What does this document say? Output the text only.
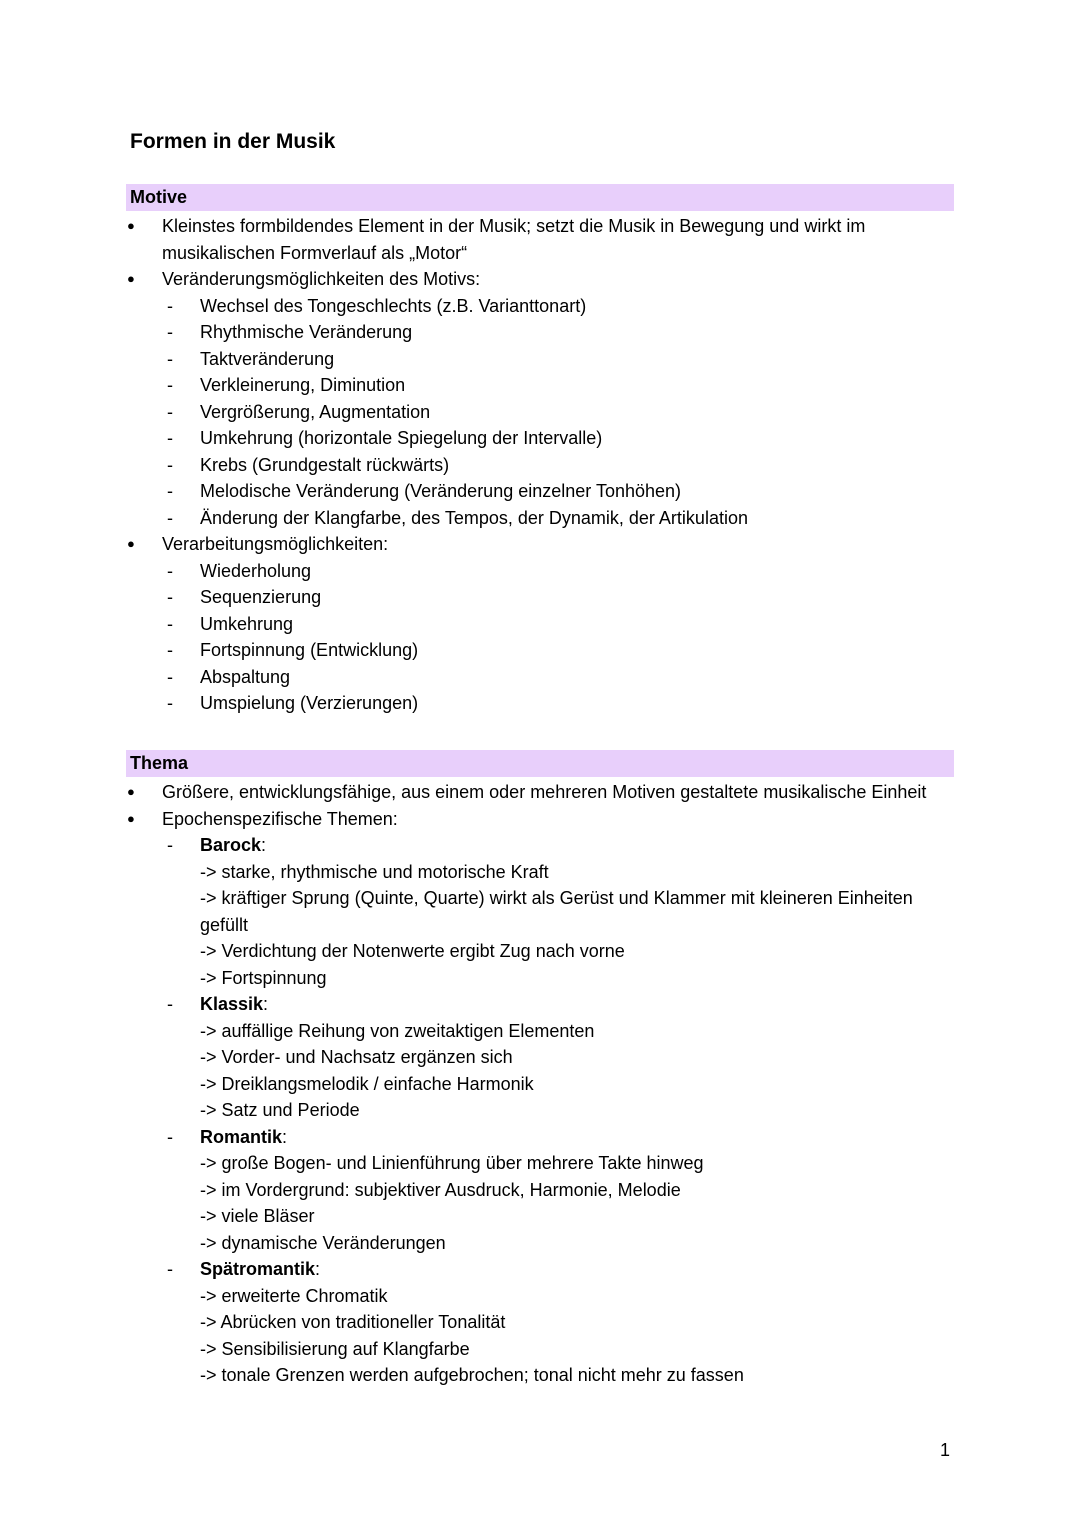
Formen in der Musik
Motive
● Kleinstes formbildendes Element in der Musik; setzt die Musik in Bewegung und wirkt im musikalischen Formverlauf als „Motor“
● Veränderungsmöglichkeiten des Motivs:
- Wechsel des Tongeschlechts (z.B. Varianttonart)
- Rhythmische Veränderung
- Taktveränderung
- Verkleinerung, Diminution
- Vergrößerung, Augmentation
- Umkehrung (horizontale Spiegelung der Intervalle)
- Krebs (Grundgestalt rückwärts)
- Melodische Veränderung (Veränderung einzelner Tonhöhen)
- Änderung der Klangfarbe, des Tempos, der Dynamik, der Artikulation
● Verarbeitungsmöglichkeiten:
- Wiederholung
- Sequenzierung
- Umkehrung
- Fortspinnung (Entwicklung)
- Abspaltung
- Umspielung (Verzierungen)
Thema
● Größere, entwicklungsfähige, aus einem oder mehreren Motiven gestaltete musikalische Einheit
● Epochenspezifische Themen:
- Barock:
-> starke, rhythmische und motorische Kraft
-> kräftiger Sprung (Quinte, Quarte) wirkt als Gerüst und Klammer mit kleineren Einheiten gefüllt
-> Verdichtung der Notenwerte ergibt Zug nach vorne
-> Fortspinnung
- Klassik:
-> auffällige Reihung von zweitaktigen Elementen
-> Vorder- und Nachsatz ergänzen sich
-> Dreiklangsmelodik / einfache Harmonik
-> Satz und Periode
- Romantik:
-> große Bogen- und Linienführung über mehrere Takte hinweg
-> im Vordergrund: subjektiver Ausdruck, Harmonie, Melodie
-> viele Bläser
-> dynamische Veränderungen
- Spätromantik:
-> erweiterte Chromatik
-> Abrücken von traditioneller Tonalität
-> Sensibilisierung auf Klangfarbe
-> tonale Grenzen werden aufgebrochen; tonal nicht mehr zu fassen
1
